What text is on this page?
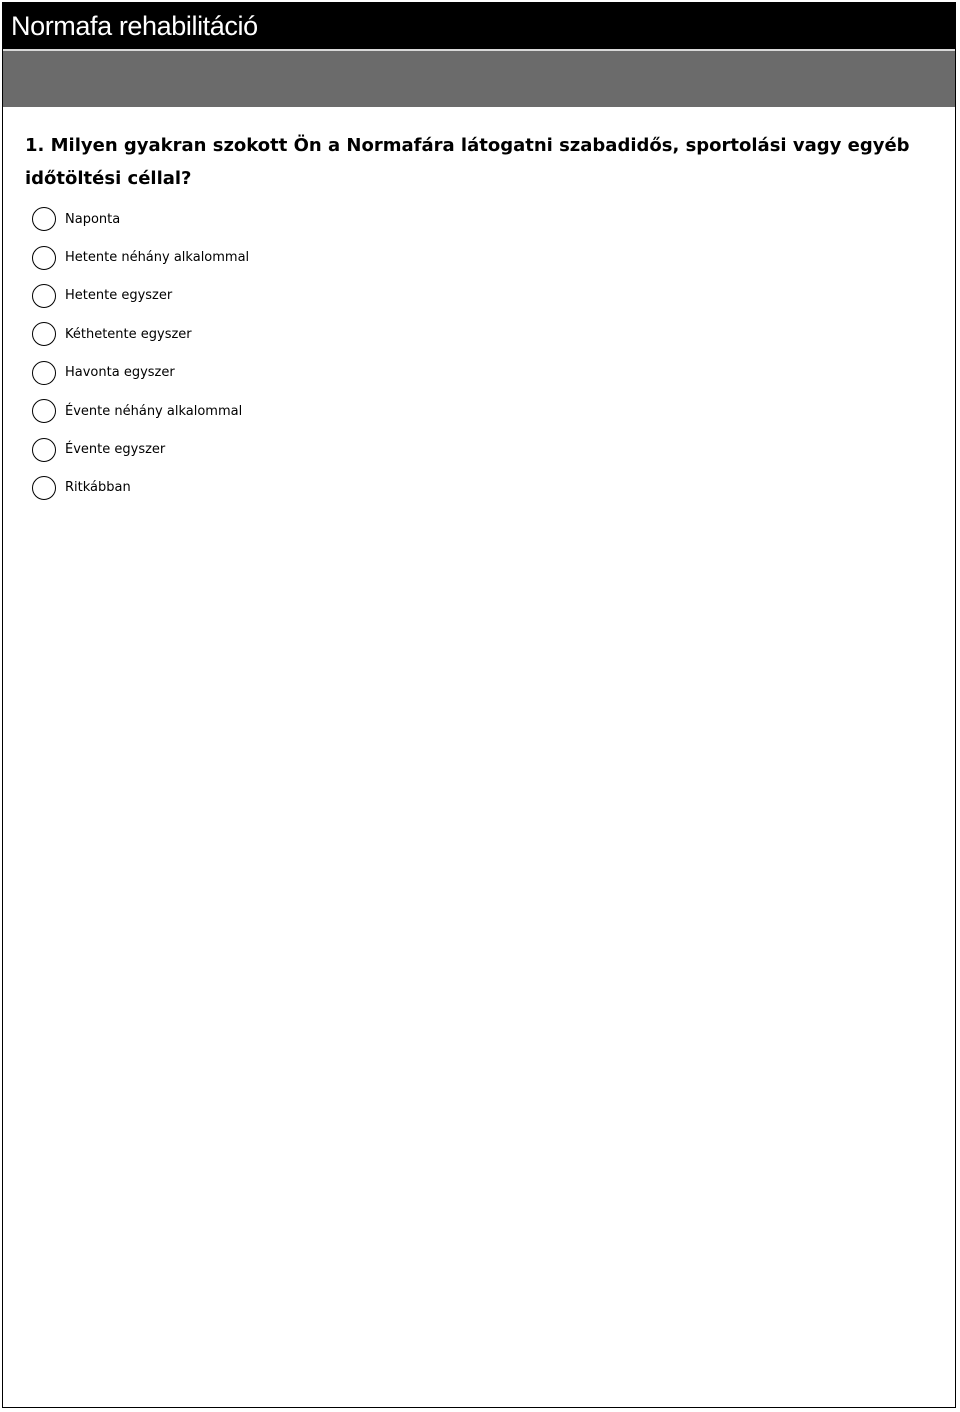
Normafa rehabilitáció
1. Milyen gyakran szokott Ön a Normafára látogatni szabadidős, sportolási vagy egyéb időtöltési céllal?
Naponta
Hetente néhány alkalommal
Hetente egyszer
Kéthetente egyszer
Havonta egyszer
Évente néhány alkalommal
Évente egyszer
Ritkábban
